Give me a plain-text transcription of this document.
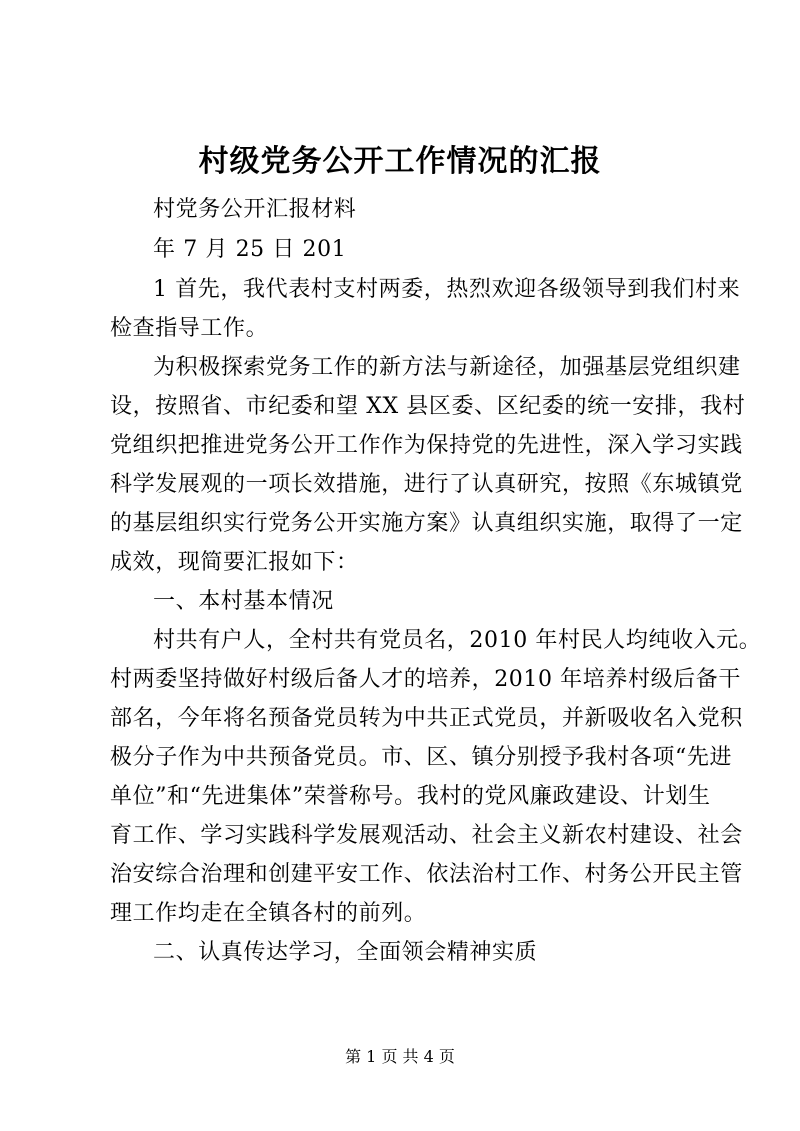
村级党务公开工作情况的汇报
村党务公开汇报材料
年 7 月 25 日 201
1 首先，我代表村支村两委，热烈欢迎各级领导到我们村来
检查指导工作。
为积极探索党务工作的新方法与新途径，加强基层党组织建
设，按照省、市纪委和望 XX 县区委、区纪委的统一安排，我村
党组织把推进党务公开工作作为保持党的先进性，深入学习实践
科学发展观的一项长效措施，进行了认真研究，按照《东城镇党
的基层组织实行党务公开实施方案》认真组织实施，取得了一定
成效，现简要汇报如下：
一、本村基本情况
村共有户人，全村共有党员名，2010 年村民人均纯收入元。
村两委坚持做好村级后备人才的培养，2010 年培养村级后备干
部名，今年将名预备党员转为中共正式党员，并新吸收名入党积
极分子作为中共预备党员。市、区、镇分别授予我村各项“先进
单位”和“先进集体”荣誉称号。我村的党风廉政建设、计划生
育工作、学习实践科学发展观活动、社会主义新农村建设、社会
治安综合治理和创建平安工作、依法治村工作、村务公开民主管
理工作均走在全镇各村的前列。
二、认真传达学习，全面领会精神实质
第 1 页 共 4 页
